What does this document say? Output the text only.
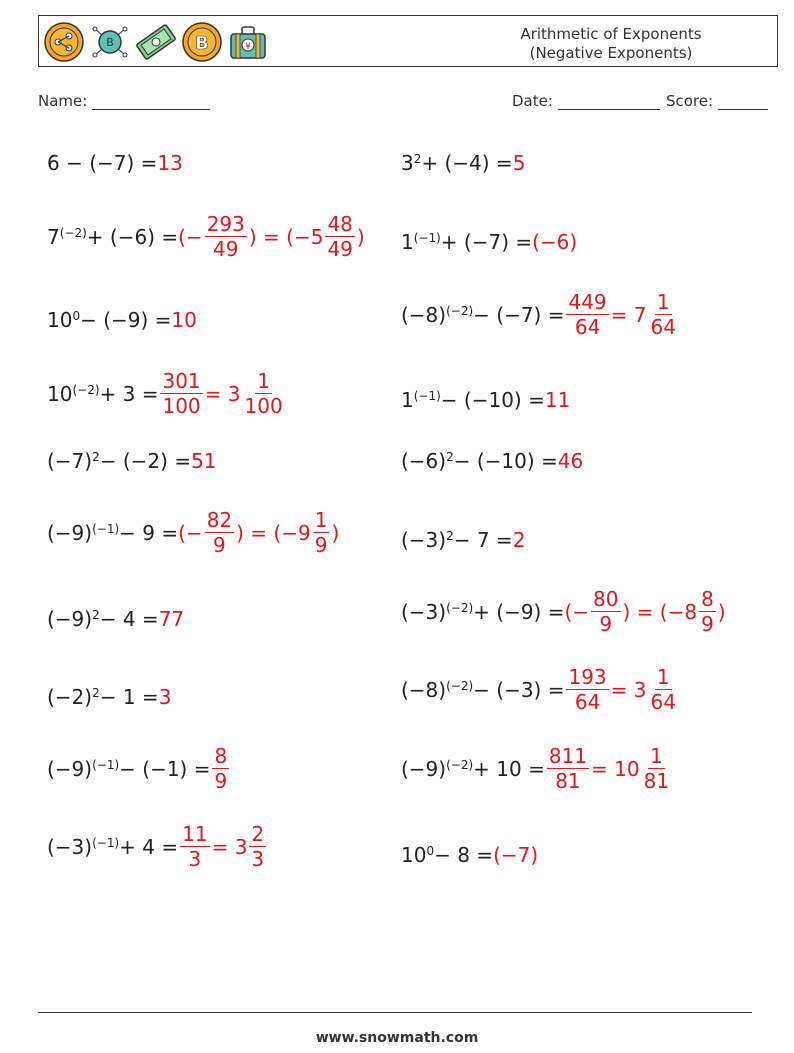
B	B	¥
Arithmetic of Exponents (Negative Exponents)
Name:	Date:	Score:
6 − (−7) = 13
$7^{(-2)} + (-6)$ = (− $\frac{293}{49}$ ) = ($-5 \frac{48}{49}$ )
$10^0 - (-9) = 10$
$10^{(-2)} + 3 = \frac{301}{100} = 3 \frac{1}{100}$
$(-7)^2 - (-2) = 51$
$(-9)^{(-1)} - 9$ = (− $\frac{82}{9}$ ) = ($-9 \frac{1}{9}$ )
$(-9)^2 - 4 = 77$
$(-2)^2 - 1 = 3$
$(-9)^{(-1)} - (-1) = \frac{8}{9}$
$(-3)^{(-1)} + 4 = \frac{11}{3} = 3 \frac{2}{3}$
$3^2 + (-4) = 5$
$1^{(-1)} + (-7) = (-6)$
$(-8)^{(-2)} - (-7) = \frac{449}{64} = 7 \frac{1}{64}$
$1^{(-1)} - (-10) = 11$
$(-6)^2 - (-10) = 46$
$(-3)^2 - 7 = 2$
$(-3)^{(-2)} + (-9)$ = (− $\frac{80}{9}$ ) = ($-8 \frac{8}{9}$ )
$(-8)^{(-2)} - (-3) = \frac{193}{64} = 3 \frac{1}{64}$
$(-9)^{(-2)} + 10 = \frac{811}{81} = 10 \frac{1}{81}$
$10^0 - 8 = (-7)$
www.snowmath.com
